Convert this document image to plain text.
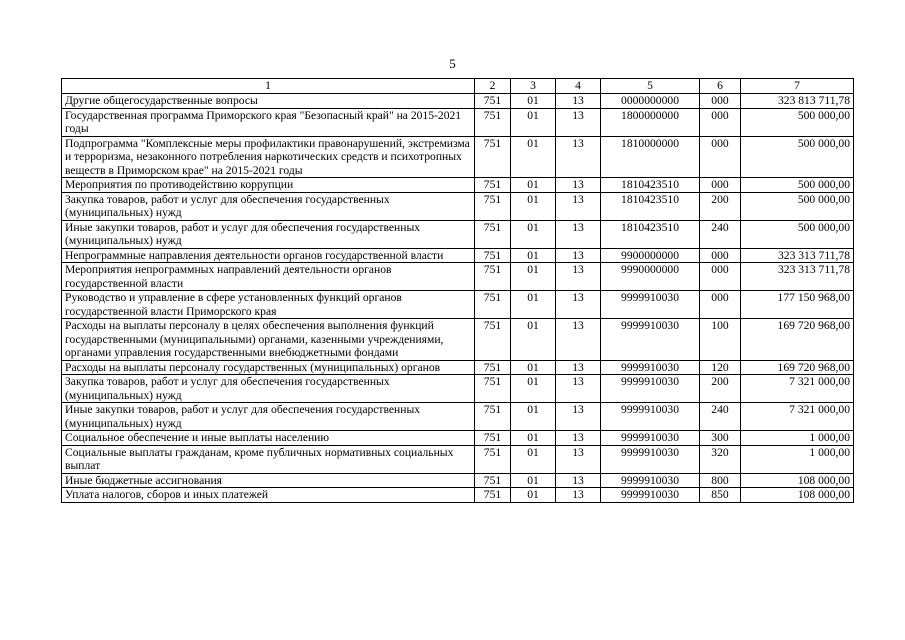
5
1	2	3	4	5	6	7
Другие общегосударственные вопросы	751	01	13	0000000000	000	323 813 711,78
Государственная программа Приморского края "Безопасный край" на 2015-2021 годы	751	01	13	1800000000	000	500 000,00
Подпрограмма "Комплексные меры профилактики правонарушений, экстремизма и терроризма, незаконного потребления наркотических средств и психотропных веществ в Приморском крае" на 2015-2021 годы	751	01	13	1810000000	000	500 000,00
Мероприятия по противодействию коррупции	751	01	13	1810423510	000	500 000,00
Закупка товаров, работ и услуг для обеспечения государственных (муниципальных) нужд	751	01	13	1810423510	200	500 000,00
Иные закупки товаров, работ и услуг для обеспечения государственных (муниципальных) нужд	751	01	13	1810423510	240	500 000,00
Непрограммные направления деятельности органов государственной власти	751	01	13	9900000000	000	323 313 711,78
Мероприятия непрограммных направлений деятельности органов государственной власти	751	01	13	9990000000	000	323 313 711,78
Руководство и управление в сфере установленных функций органов государственной власти Приморского края	751	01	13	9999910030	000	177 150 968,00
Расходы на выплаты персоналу в целях обеспечения выполнения функций государственными (муниципальными) органами, казенными учреждениями, органами управления государственными внебюджетными фондами	751	01	13	9999910030	100	169 720 968,00
Расходы на выплаты персоналу государственных (муниципальных) органов	751	01	13	9999910030	120	169 720 968,00
Закупка товаров, работ и услуг для обеспечения государственных (муниципальных) нужд	751	01	13	9999910030	200	7 321 000,00
Иные закупки товаров, работ и услуг для обеспечения государственных (муниципальных) нужд	751	01	13	9999910030	240	7 321 000,00
Социальное обеспечение и иные выплаты населению	751	01	13	9999910030	300	1 000,00
Социальные выплаты гражданам, кроме публичных нормативных социальных выплат	751	01	13	9999910030	320	1 000,00
Иные бюджетные ассигнования	751	01	13	9999910030	800	108 000,00
Уплата налогов, сборов и иных платежей	751	01	13	9999910030	850	108 000,00
